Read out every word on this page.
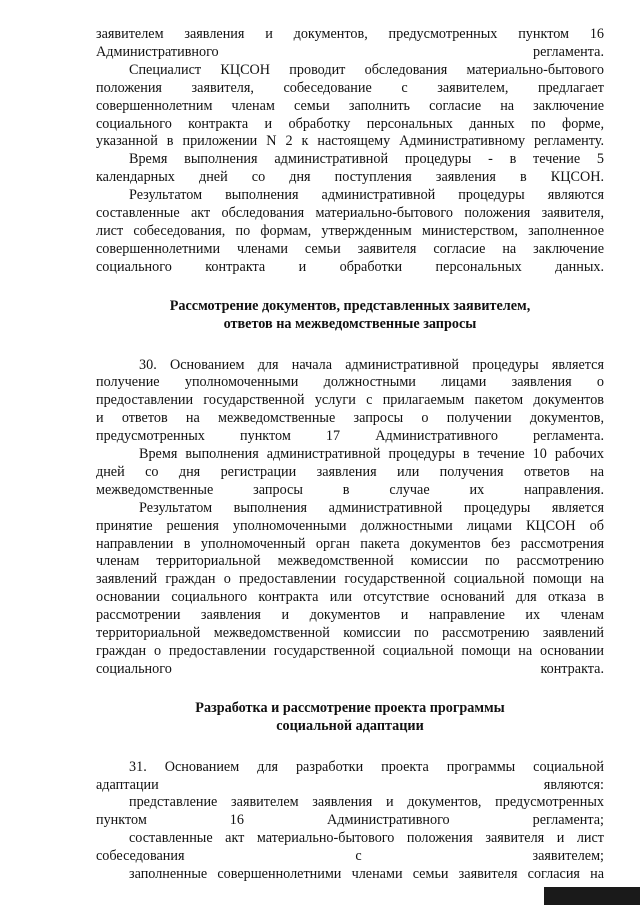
заявителем заявления и документов, предусмотренных пунктом 16
Административного регламента.

Специалист КЦСОН проводит обследования материально-бытового
положения заявителя, собеседование с заявителем, предлагает
совершеннолетним членам семьи заполнить согласие на заключение
социального контракта и обработку персональных данных по форме,
указанной в приложении N 2 к настоящему Административному регламенту.

Время выполнения административной процедуры - в течение 5
календарных дней со дня поступления заявления в КЦСОН.

Результатом выполнения административной процедуры являются
составленные акт обследования материально-бытового положения заявителя,
лист собеседования, по формам, утвержденным министерством, заполненное
совершеннолетними членами семьи заявителя согласие на заключение
социального контракта и обработки персональных данных.

Рассмотрение документов, представленных заявителем,
ответов на межведомственные запросы

30. Основанием для начала административной процедуры является
получение уполномоченными должностными лицами заявления о
предоставлении государственной услуги с прилагаемым пакетом документов
и ответов на межведомственные запросы о получении документов,
предусмотренных пунктом 17 Административного регламента.

Время выполнения административной процедуры в течение 10 рабочих
дней со дня регистрации заявления или получения ответов на
межведомственные запросы в случае их направления.

Результатом выполнения административной процедуры является
принятие решения уполномоченными должностными лицами КЦСОН об
направлении в уполномоченный орган пакета документов без рассмотрения
членам территориальной межведомственной комиссии по рассмотрению
заявлений граждан о предоставлении государственной социальной помощи на
основании социального контракта или отсутствие оснований для отказа в
рассмотрении заявления и документов и направление их членам
территориальной межведомственной комиссии по рассмотрению заявлений
граждан о предоставлении государственной социальной помощи на основании
социального контракта.

Разработка и рассмотрение проекта программы
социальной адаптации

31. Основанием для разработки проекта программы социальной
адаптации являются:

представление заявителем заявления и документов, предусмотренных
пунктом 16 Административного регламента;

составленные акт материально-бытового положения заявителя и лист
собеседования с заявителем;

заполненные совершеннолетними членами семьи заявителя согласия на
